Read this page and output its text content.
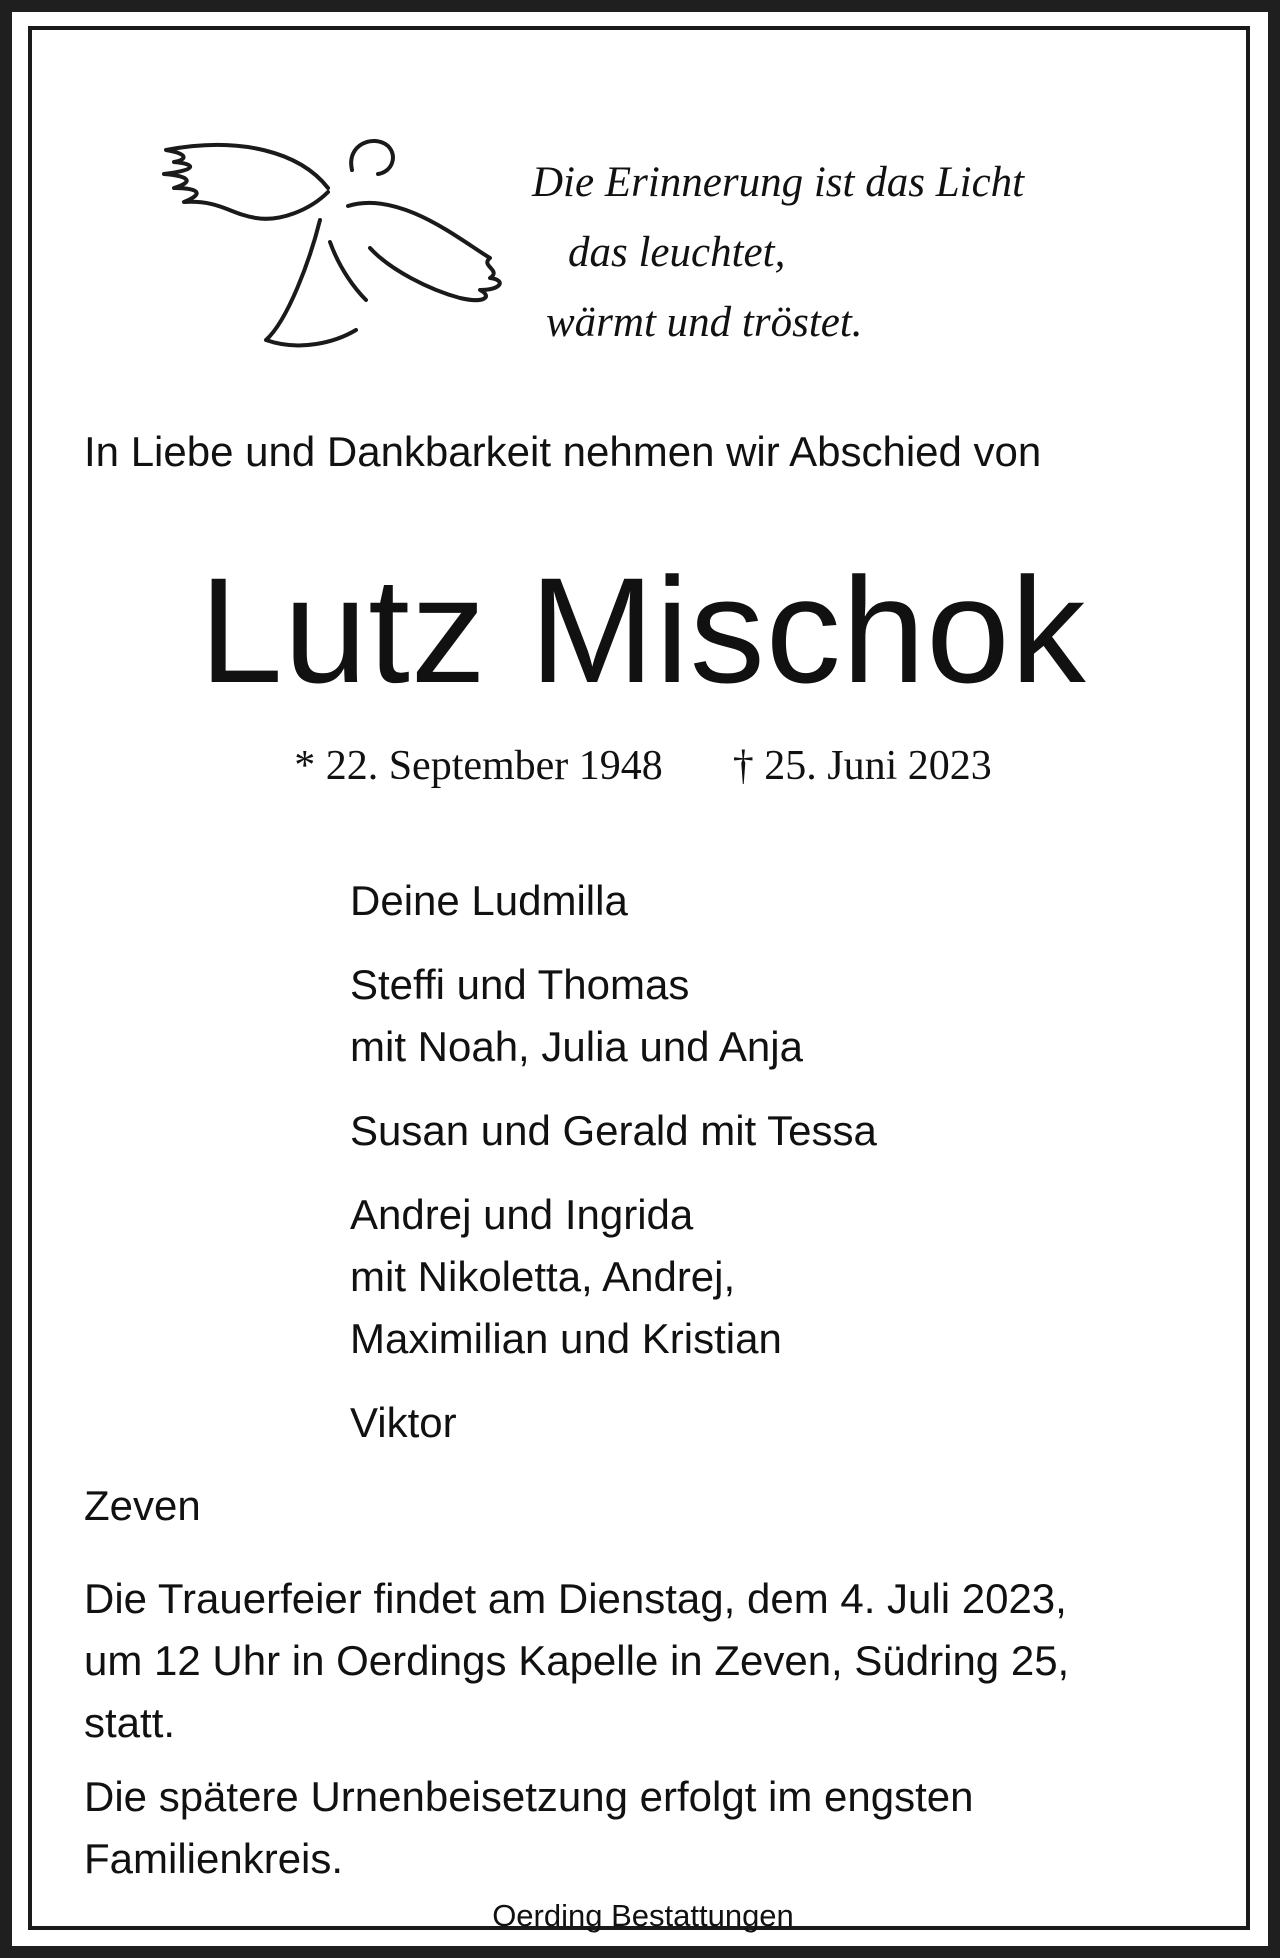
Die Erinnerung ist das Licht
das leuchtet,
wärmt und tröstet.
In Liebe und Dankbarkeit nehmen wir Abschied von
Lutz Mischok
* 22. September 1948 † 25. Juni 2023
Deine Ludmilla
Steffi und Thomas
mit Noah, Julia und Anja
Susan und Gerald mit Tessa
Andrej und Ingrida
mit Nikoletta, Andrej,
Maximilian und Kristian
Viktor
Zeven
Die Trauerfeier findet am Dienstag, dem 4. Juli 2023,
um 12 Uhr in Oerdings Kapelle in Zeven, Südring 25,
statt.
Die spätere Urnenbeisetzung erfolgt im engsten
Familienkreis.
Oerding Bestattungen
